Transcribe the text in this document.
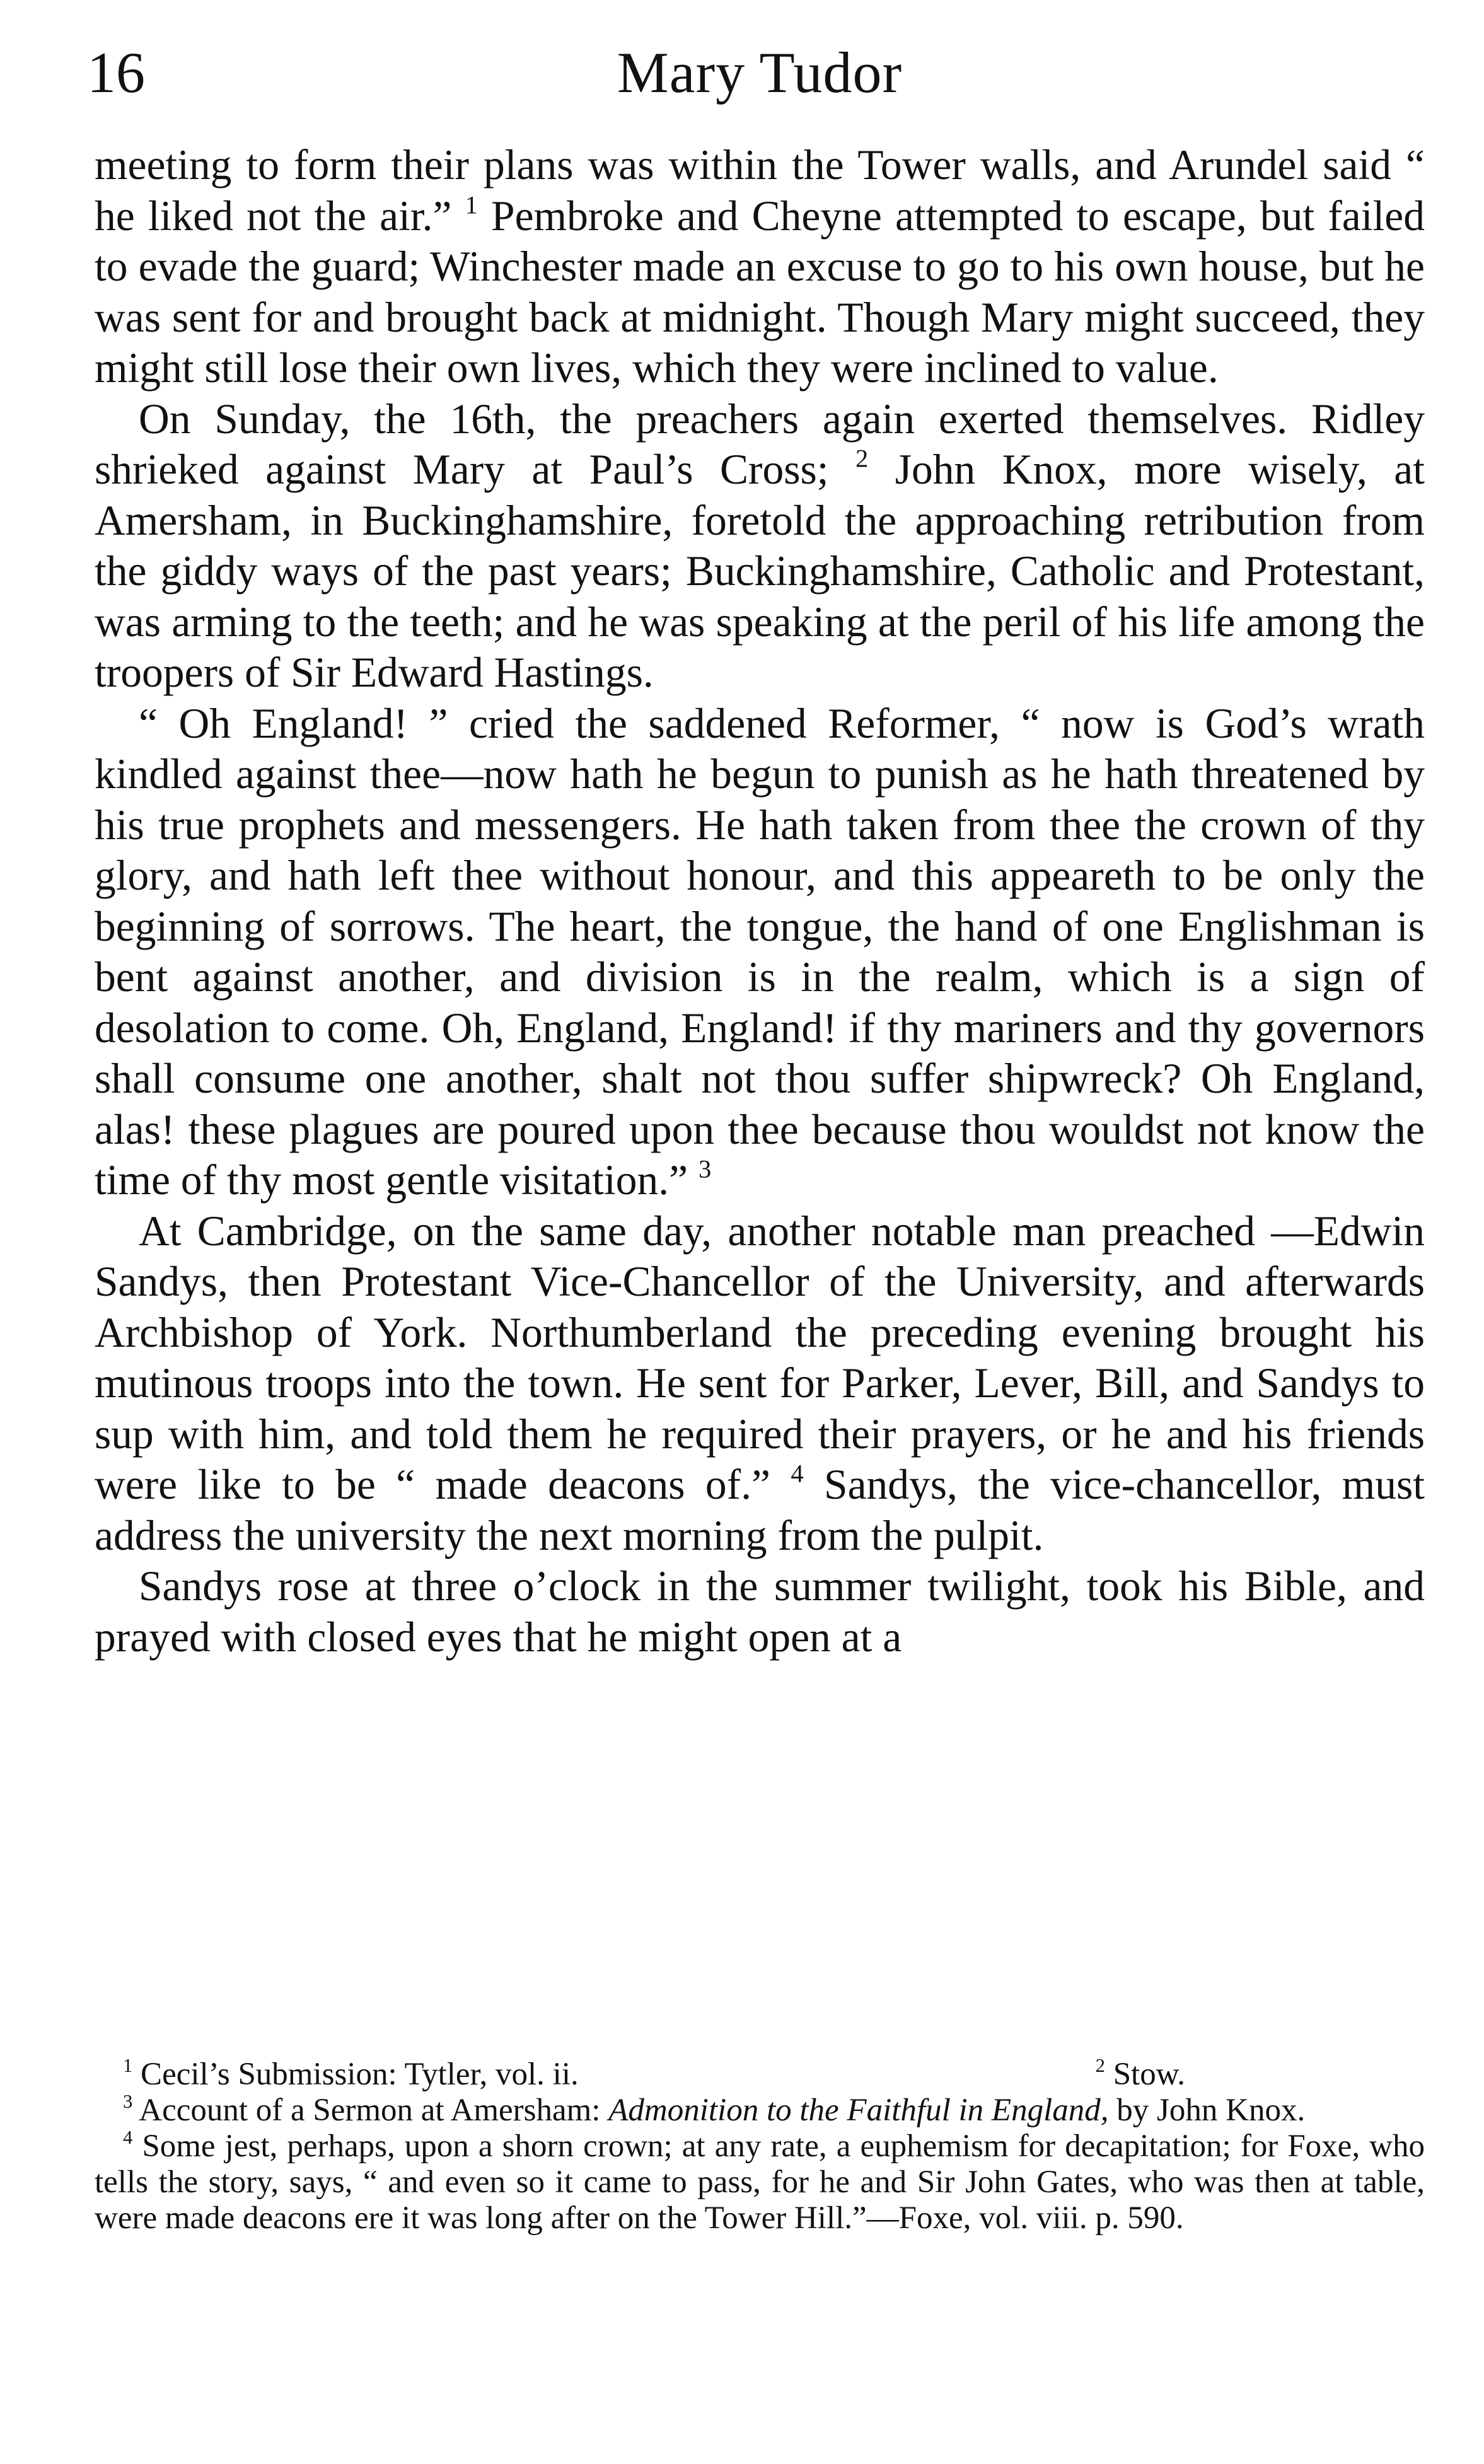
16	Mary Tudor

meeting to form their plans was within the Tower walls, and Arundel said “ he liked not the air.” $^1$ Pembroke and Cheyne attempted to escape, but failed to evade the guard; Winchester made an excuse to go to his own house, but he was sent for and brought back at midnight. Though Mary might succeed, they might still lose their own lives, which they were inclined to value.

On Sunday, the 16th, the preachers again exerted themselves. Ridley shrieked against Mary at Paul’s Cross; $^2$ John Knox, more wisely, at Amersham, in Buckinghamshire, foretold the approaching retribution from the giddy ways of the past years; Buckinghamshire, Catholic and Protestant, was arming to the teeth; and he was speaking at the peril of his life among the troopers of Sir Edward Hastings.

“ Oh England! ” cried the saddened Reformer, “ now is God’s wrath kindled against thee—now hath he begun to punish as he hath threatened by his true prophets and messengers. He hath taken from thee the crown of thy glory, and hath left thee without honour, and this appeareth to be only the beginning of sorrows. The heart, the tongue, the hand of one Englishman is bent against another, and division is in the realm, which is a sign of desolation to come. Oh, England, England! if thy mariners and thy governors shall consume one another, shalt not thou suffer shipwreck? Oh England, alas! these plagues are poured upon thee because thou wouldst not know the time of thy most gentle visitation.” $^3$

At Cambridge, on the same day, another notable man preached —Edwin Sandys, then Protestant Vice-Chancellor of the University, and afterwards Archbishop of York. Northumberland the preceding evening brought his mutinous troops into the town. He sent for Parker, Lever, Bill, and Sandys to sup with him, and told them he required their prayers, or he and his friends were like to be “ made deacons of.” $^4$ Sandys, the vice-chancellor, must address the university the next morning from the pulpit.

Sandys rose at three o’clock in the summer twilight, took his Bible, and prayed with closed eyes that he might open at a

$^1$ Cecil’s Submission: Tytler, vol. ii.	$^2$ Stow.

$^3$ Account of a Sermon at Amersham: Admonition to the Faithful in England, by John Knox.

$^4$ Some jest, perhaps, upon a shorn crown; at any rate, a euphemism for decapitation; for Foxe, who tells the story, says, “ and even so it came to pass, for he and Sir John Gates, who was then at table, were made deacons ere it was long after on the Tower Hill.”—Foxe, vol. viii. p. 590.
